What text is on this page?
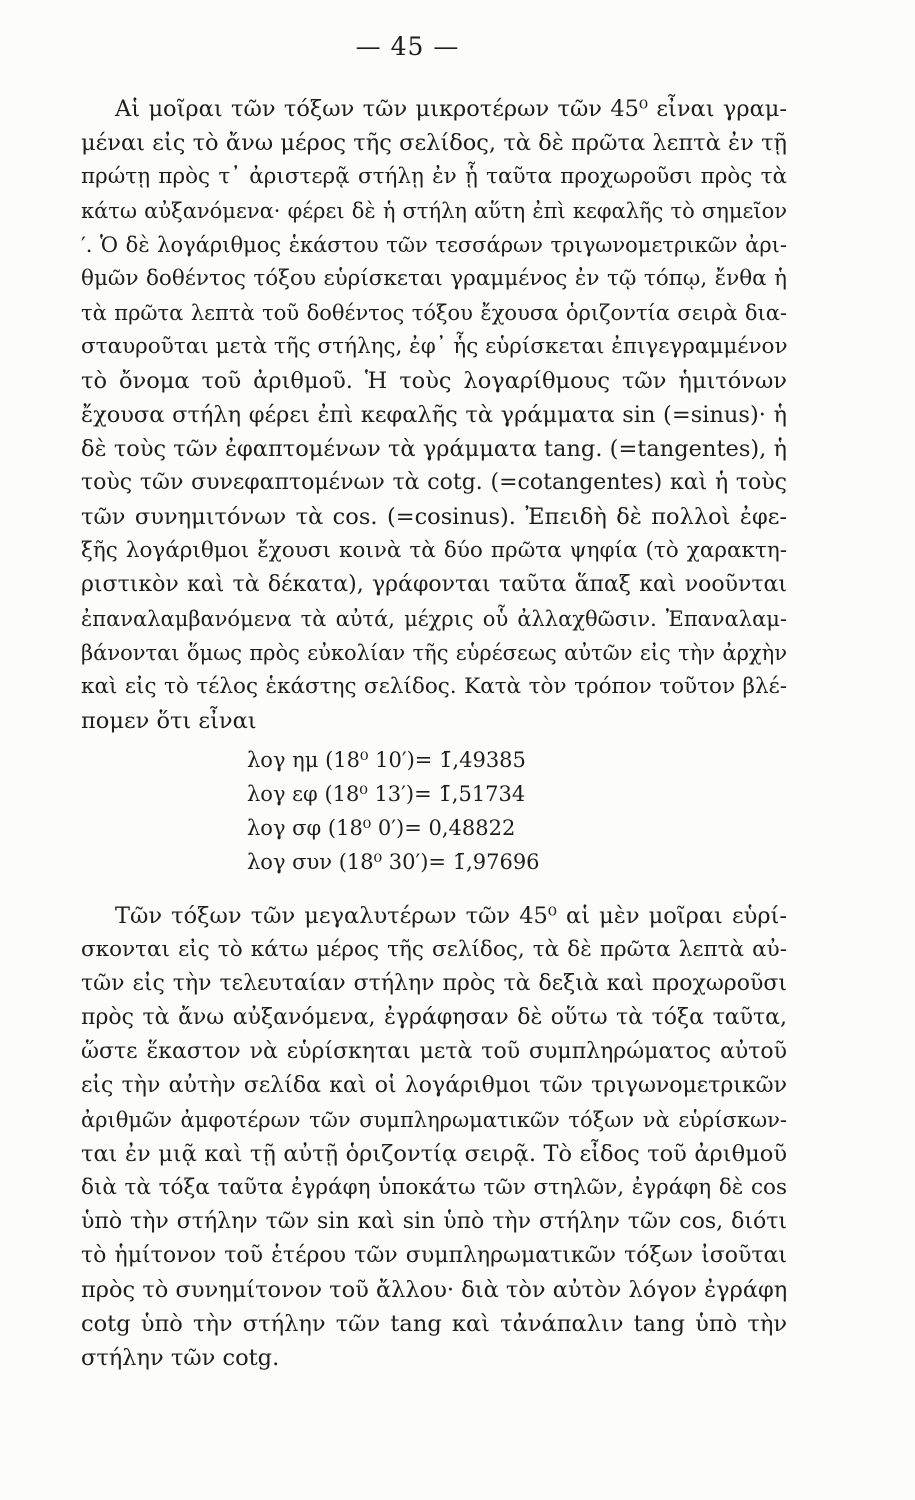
— 45 —
Αἱ μοῖραι τῶν τόξων τῶν μικροτέρων τῶν 45⁰ εἶναι γραμ-
μέναι εἰς τὸ ἄνω μέρος τῆς σελίδος, τὰ δὲ πρῶτα λεπτὰ ἐν τῇ
πρώτῃ πρὸς τ᾽ ἀριστερᾷ στήλῃ ἐν ᾗ ταῦτα προχωροῦσι πρὸς τὰ
κάτω αὐξανόμενα· φέρει δὲ ἡ στήλη αὕτη ἐπὶ κεφαλῆς τὸ σημεῖον
′. Ὁ δὲ λογάριθμος ἑκάστου τῶν τεσσάρων τριγωνομετρικῶν ἀρι-
θμῶν δοθέντος τόξου εὑρίσκεται γραμμένος ἐν τῷ τόπῳ, ἔνθα ἡ
τὰ πρῶτα λεπτὰ τοῦ δοθέντος τόξου ἔχουσα ὁριζοντία σειρὰ δια-
σταυροῦται μετὰ τῆς στήλης, ἐφ᾽ ἧς εὑρίσκεται ἐπιγεγραμμένον
τὸ ὄνομα τοῦ ἀριθμοῦ. Ἡ τοὺς λογαρίθμους τῶν ἡμιτόνων
ἔχουσα στήλη φέρει ἐπὶ κεφαλῆς τὰ γράμματα sin (=sinus)· ἡ
δὲ τοὺς τῶν ἐφαπτομένων τὰ γράμματα tang. (=tangentes), ἡ
τοὺς τῶν συνεφαπτομένων τὰ cotg. (=cotangentes) καὶ ἡ τοὺς
τῶν συνημιτόνων τὰ cos. (=cosinus). Ἐπειδὴ δὲ πολλοὶ ἐφε-
ξῆς λογάριθμοι ἔχουσι κοινὰ τὰ δύο πρῶτα ψηφία (τὸ χαρακτη-
ριστικὸν καὶ τὰ δέκατα), γράφονται ταῦτα ἅπαξ καὶ νοοῦνται
ἐπαναλαμβανόμενα τὰ αὐτά, μέχρις οὗ ἀλλαχθῶσιν. Ἐπαναλαμ-
βάνονται ὅμως πρὸς εὐκολίαν τῆς εὑρέσεως αὐτῶν εἰς τὴν ἀρχὴν
καὶ εἰς τὸ τέλος ἑκάστης σελίδος. Κατὰ τὸν τρόπον τοῦτον βλέ-
πομεν ὅτι εἶναι
λογ ημ (18⁰ 10′)= 1̄,49385
λογ εφ (18⁰ 13′)= 1̄,51734
λογ σφ (18⁰ 0′)= 0,48822
λογ συν (18⁰ 30′)= 1̄,97696
Τῶν τόξων τῶν μεγαλυτέρων τῶν 45⁰ αἱ μὲν μοῖραι εὑρί-
σκονται εἰς τὸ κάτω μέρος τῆς σελίδος, τὰ δὲ πρῶτα λεπτὰ αὐ-
τῶν εἰς τὴν τελευταίαν στήλην πρὸς τὰ δεξιὰ καὶ προχωροῦσι
πρὸς τὰ ἄνω αὐξανόμενα, ἐγράφησαν δὲ οὕτω τὰ τόξα ταῦτα,
ὥστε ἕκαστον νὰ εὑρίσκηται μετὰ τοῦ συμπληρώματος αὐτοῦ
εἰς τὴν αὐτὴν σελίδα καὶ οἱ λογάριθμοι τῶν τριγωνομετρικῶν
ἀριθμῶν ἀμφοτέρων τῶν συμπληρωματικῶν τόξων νὰ εὑρίσκων-
ται ἐν μιᾷ καὶ τῇ αὐτῇ ὁριζοντίᾳ σειρᾷ. Τὸ εἶδος τοῦ ἀριθμοῦ
διὰ τὰ τόξα ταῦτα ἐγράφη ὑποκάτω τῶν στηλῶν, ἐγράφη δὲ cos
ὑπὸ τὴν στήλην τῶν sin καὶ sin ὑπὸ τὴν στήλην τῶν cos, διότι
τὸ ἡμίτονον τοῦ ἑτέρου τῶν συμπληρωματικῶν τόξων ἰσοῦται
πρὸς τὸ συνημίτονον τοῦ ἄλλου· διὰ τὸν αὐτὸν λόγον ἐγράφη
cotg ὑπὸ τὴν στήλην τῶν tang καὶ τἀνάπαλιν tang ὑπὸ τὴν
στήλην τῶν cotg.
